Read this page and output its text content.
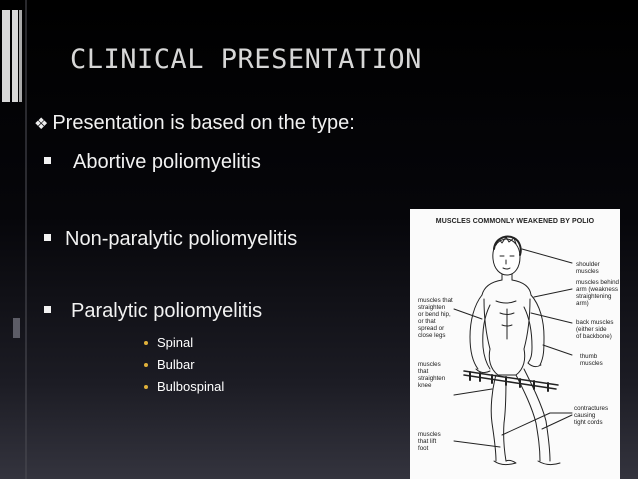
CLINICAL PRESENTATION
❖ Presentation is based on the type:
Abortive poliomyelitis
Non-paralytic poliomyelitis
Paralytic poliomyelitis
Spinal
Bulbar
Bulbospinal
MUSCLES COMMONLY WEAKENED BY POLIO
shoulder muscles
muscles behind
arm (weakness
straightening
arm)
back muscles
(either side
of backbone)
thumb
muscles
muscles that
straighten
or bend hip,
or that
spread or
close legs
muscles
that
straighten
knee
contractures
causing
tight cords
muscles
that lift
foot
